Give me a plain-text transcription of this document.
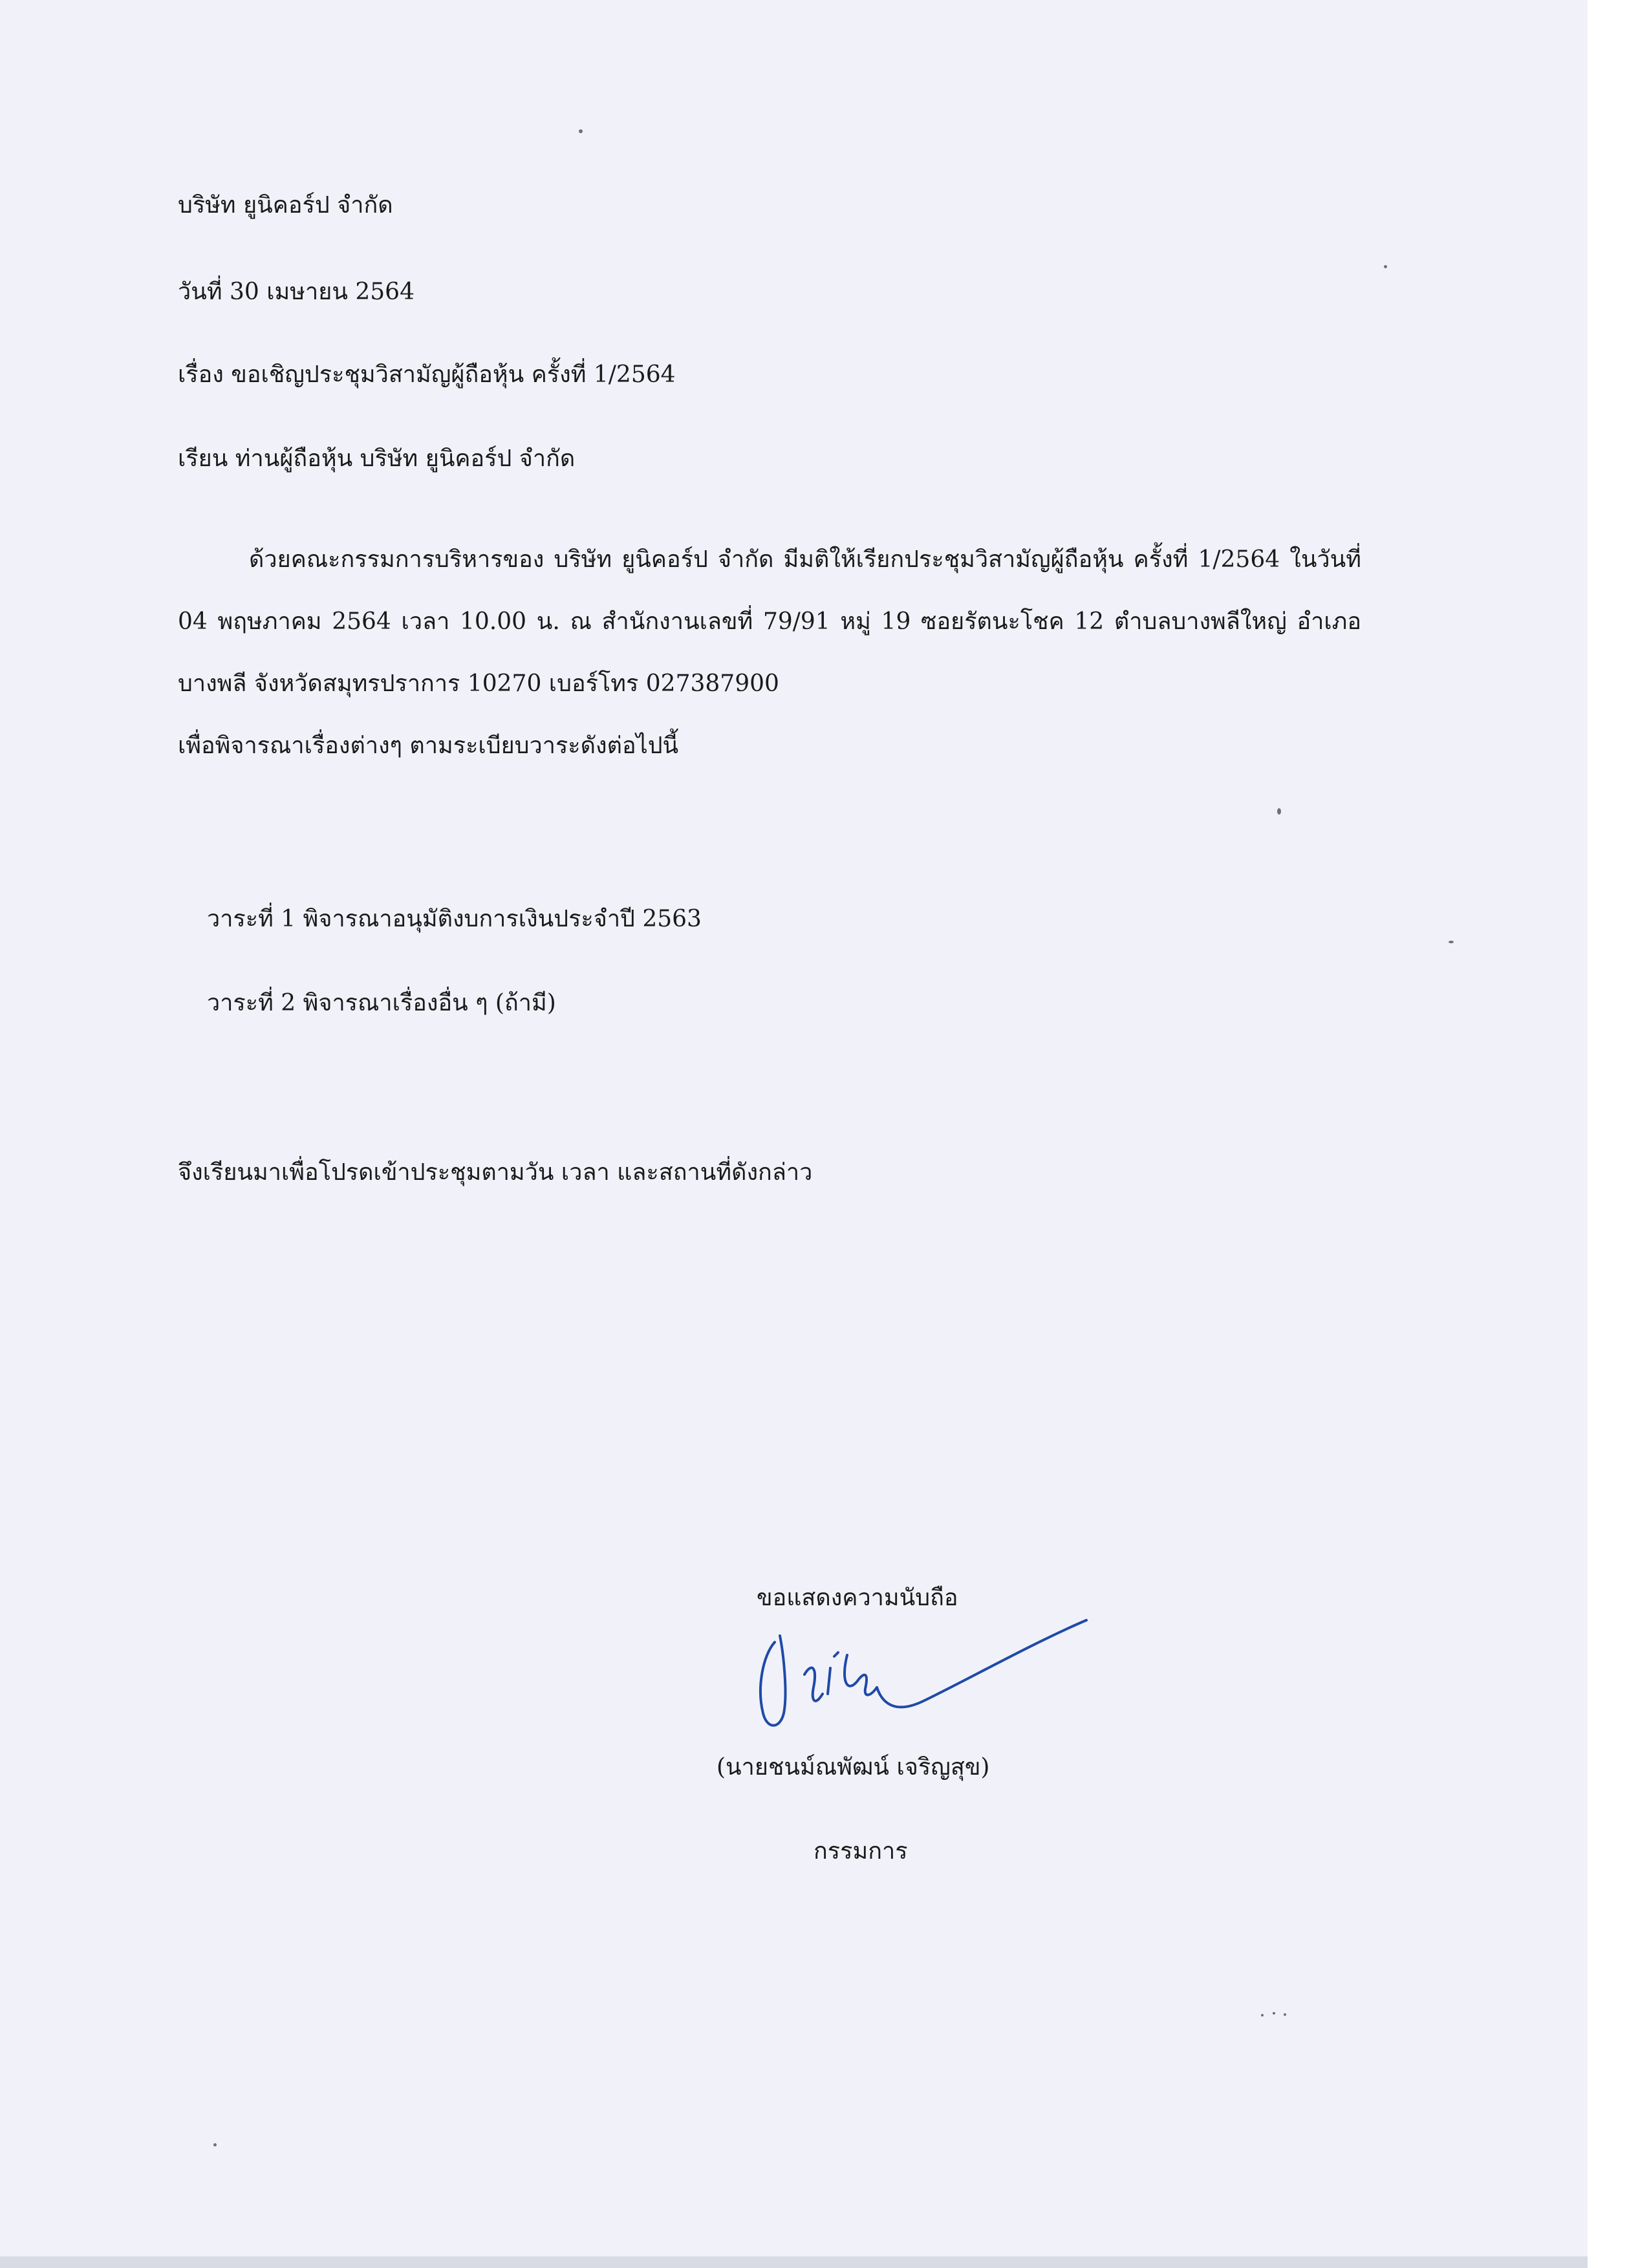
บริษัท ยูนิคอร์ป จำกัด

วันที่ 30 เมษายน 2564

เรื่อง ขอเชิญประชุมวิสามัญผู้ถือหุ้น ครั้งที่ 1/2564

เรียน ท่านผู้ถือหุ้น บริษัท ยูนิคอร์ป จำกัด

ด้วยคณะกรรมการบริหารของ บริษัท ยูนิคอร์ป จำกัด มีมติให้เรียกประชุมวิสามัญผู้ถือหุ้น ครั้งที่ 1/2564 ในวันที่ 04 พฤษภาคม 2564 เวลา 10.00 น. ณ สำนักงานเลขที่ 79/91 หมู่ 19 ซอยรัตนะโชค 12 ตำบลบางพลีใหญ่ อำเภอบางพลี จังหวัดสมุทรปราการ 10270 เบอร์โทร 027387900

เพื่อพิจารณาเรื่องต่างๆ ตามระเบียบวาระดังต่อไปนี้

วาระที่ 1 พิจารณาอนุมัติงบการเงินประจำปี 2563

วาระที่ 2 พิจารณาเรื่องอื่น ๆ (ถ้ามี)

จึงเรียนมาเพื่อโปรดเข้าประชุมตามวัน เวลา และสถานที่ดังกล่าว

ขอแสดงความนับถือ

(นายชนม์ณพัฒน์ เจริญสุข)

กรรมการ
